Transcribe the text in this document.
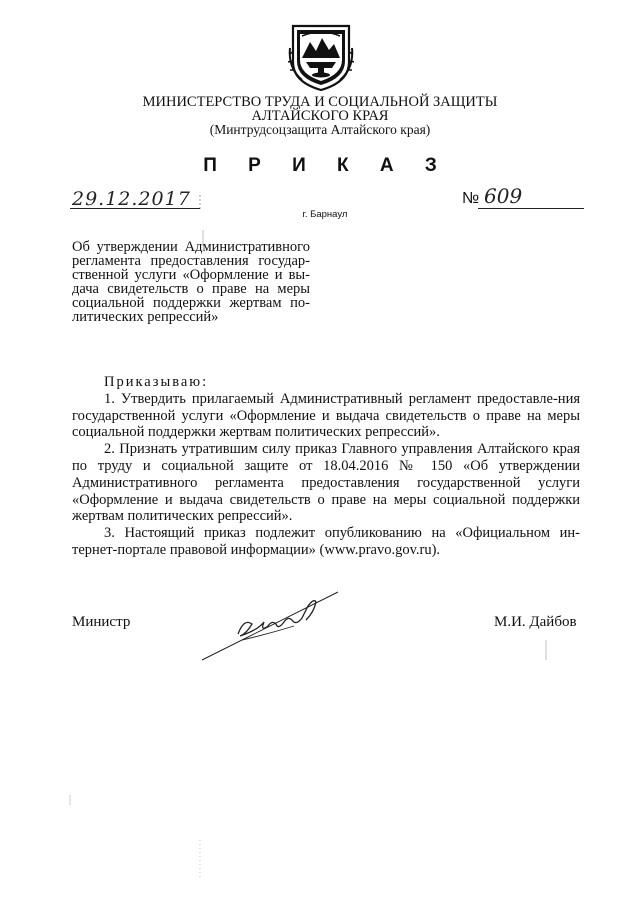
МИНИСТЕРСТВО ТРУДА И СОЦИАЛЬНОЙ ЗАЩИТЫ
АЛТАЙСКОГО КРАЯ
(Минтрудсоцзащита Алтайского края)
П Р И К А З
29.12.2017	№ 609
г. Барнаул
Об утверждении Административного регламента предоставления государ-ственной услуги «Оформление и вы-дача свидетельств о праве на меры социальной поддержки жертвам по-литических репрессий»

Приказываю:

1. Утвердить прилагаемый Административный регламент предоставле-ния государственной услуги «Оформление и выдача свидетельств о праве на меры социальной поддержки жертвам политических репрессий».

2. Признать утратившим силу приказ Главного управления Алтайского края по труду и социальной защите от 18.04.2016 № 150 «Об утверждении Административного регламента предоставления государственной услуги «Оформление и выдача свидетельств о праве на меры социальной поддержки жертвам политических репрессий».

3. Настоящий приказ подлежит опубликованию на «Официальном ин-тернет-портале правовой информации» (www.pravo.gov.ru).

Министр	М.И. Дайбов
